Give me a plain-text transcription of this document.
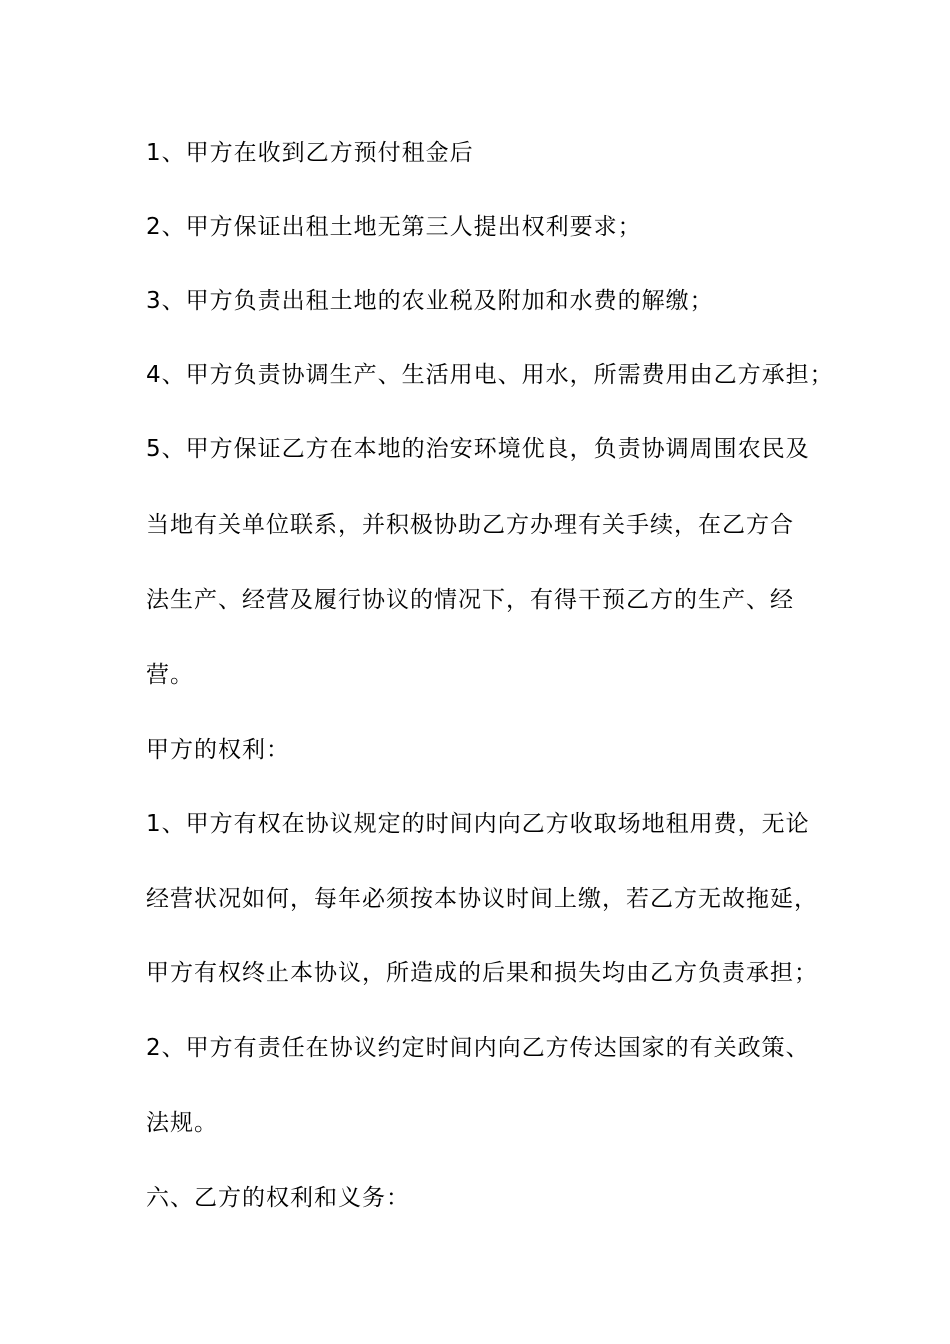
1、甲方在收到乙方预付租金后
2、甲方保证出租土地无第三人提出权利要求；
3、甲方负责出租土地的农业税及附加和水费的解缴；
4、甲方负责协调生产、生活用电、用水，所需费用由乙方承担；
5、甲方保证乙方在本地的治安环境优良，负责协调周围农民及
当地有关单位联系，并积极协助乙方办理有关手续，在乙方合
法生产、经营及履行协议的情况下，有得干预乙方的生产、经
营。
甲方的权利：
1、甲方有权在协议规定的时间内向乙方收取场地租用费，无论
经营状况如何，每年必须按本协议时间上缴，若乙方无故拖延，
甲方有权终止本协议，所造成的后果和损失均由乙方负责承担；
2、甲方有责任在协议约定时间内向乙方传达国家的有关政策、
法规。
六、乙方的权利和义务：
